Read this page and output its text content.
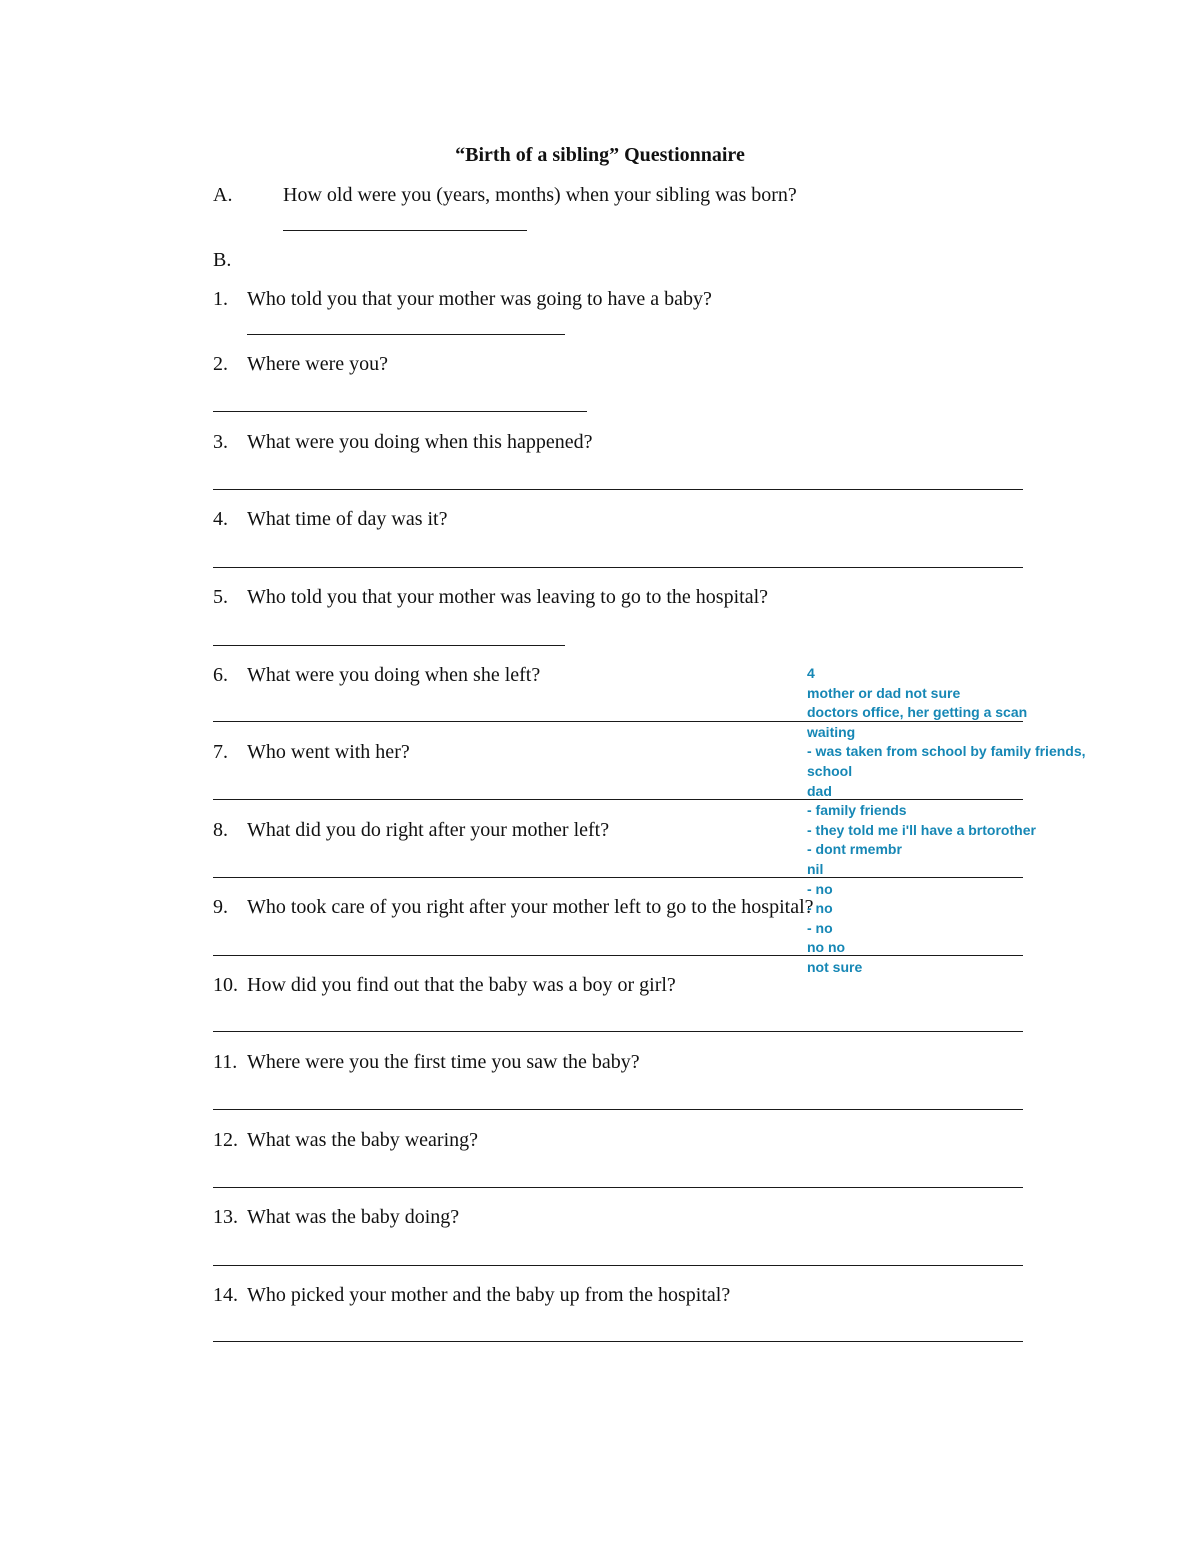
“Birth of a sibling” Questionnaire
A.	How old were you (years, months) when your sibling was born?
B.
1. Who told you that your mother was going to have a baby?
2. Where were you?
3. What were you doing when this happened?
4. What time of day was it?
5. Who told you that your mother was leaving to go to the hospital?
6. What were you doing when she left?
7. Who went with her?
8. What did you do right after your mother left?
9. Who took care of you right after your mother left to go to the hospital?
10. How did you find out that the baby was a boy or girl?
11. Where were you the first time you saw the baby?
12. What was the baby wearing?
13. What was the baby doing?
14. Who picked your mother and the baby up from the hospital?
4
mother or dad not sure
doctors office, her getting a scan
waiting
- was taken from school by family friends,
school
dad
- family friends
- they told me i'll have a brtorother
- dont rmembr
nil
- no
- no
- no
no no
not sure
